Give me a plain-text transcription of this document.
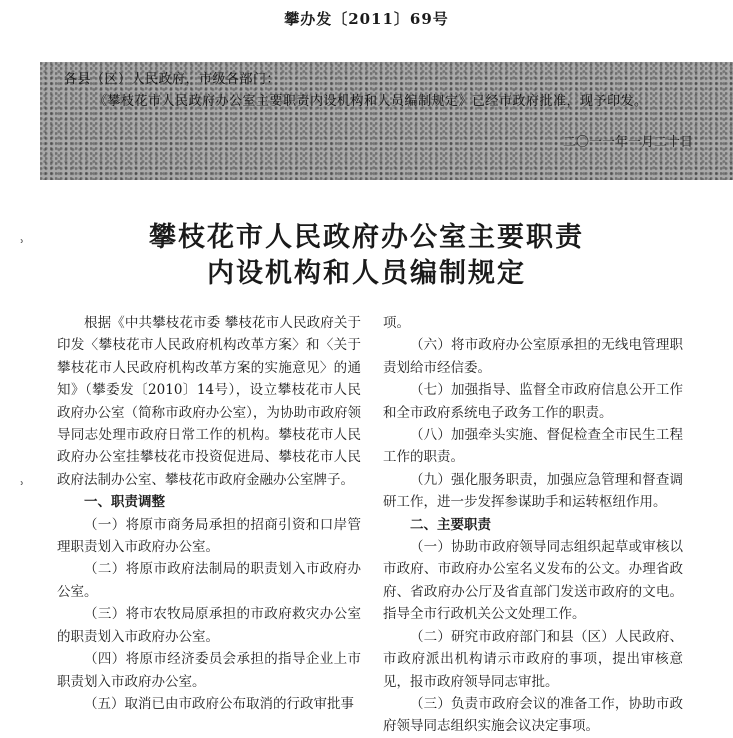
攀办发〔2011〕69号
各县（区）人民政府，市级各部门：
《攀枝花市人民政府办公室主要职责内设机构和人员编制规定》已经市政府批准，现予印发。
二〇一一年一月二十日
攀枝花市人民政府办公室主要职责
内设机构和人员编制规定
ʾ
ʾ

根据《中共攀枝花市委 攀枝花市人民政府关于印发〈攀枝花市人民政府机构改革方案〉和〈关于攀枝花市人民政府机构改革方案的实施意见〉的通知》（攀委发〔2010〕14号），设立攀枝花市人民政府办公室（简称市政府办公室），为协助市政府领导同志处理市政府日常工作的机构。攀枝花市人民政府办公室挂攀枝花市投资促进局、攀枝花市人民政府法制办公室、攀枝花市政府金融办公室牌子。

一、职责调整

（一）将原市商务局承担的招商引资和口岸管理职责划入市政府办公室。

（二）将原市政府法制局的职责划入市政府办公室。

（三）将市农牧局原承担的市政府救灾办公室的职责划入市政府办公室。

（四）将原市经济委员会承担的指导企业上市职责划入市政府办公室。

（五）取消已由市政府公布取消的行政审批事

项。

（六）将市政府办公室原承担的无线电管理职责划给市经信委。

（七）加强指导、监督全市政府信息公开工作和全市政府系统电子政务工作的职责。

（八）加强牵头实施、督促检查全市民生工程工作的职责。

（九）强化服务职责，加强应急管理和督查调研工作，进一步发挥参谋助手和运转枢纽作用。

二、主要职责

（一）协助市政府领导同志组织起草或审核以市政府、市政府办公室名义发布的公文。办理省政府、省政府办公厅及省直部门发送市政府的文电。指导全市行政机关公文处理工作。

（二）研究市政府部门和县（区）人民政府、市政府派出机构请示市政府的事项，提出审核意见，报市政府领导同志审批。

（三）负责市政府会议的准备工作，协助市政府领导同志组织实施会议决定事项。
